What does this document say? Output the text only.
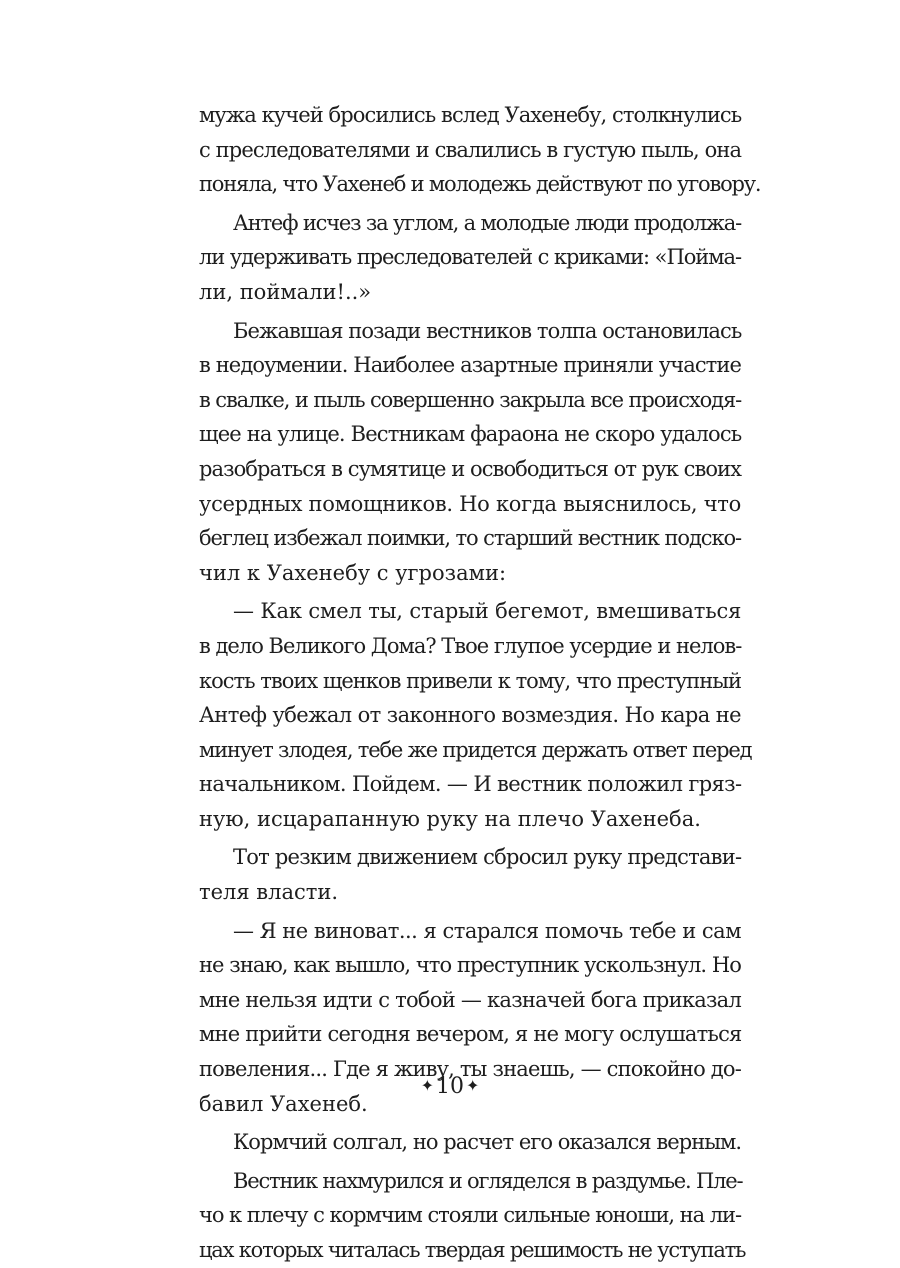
мужа кучей бросились вслед Уахенебу, столкнулись
с преследователями и свалились в густую пыль, она
поняла, что Уахенеб и молодежь действуют по уговору.
Антеф исчез за углом, а молодые люди продолжа-
ли удерживать преследователей с криками: «Пойма-
ли, поймали!..»
Бежавшая позади вестников толпа остановилась
в недоумении. Наиболее азартные приняли участие
в свалке, и пыль совершенно закрыла все происходя-
щее на улице. Вестникам фараона не скоро удалось
разобраться в сумятице и освободиться от рук своих
усердных помощников. Но когда выяснилось, что
беглец избежал поимки, то старший вестник подско-
чил к Уахенебу с угрозами:
— Как смел ты, старый бегемот, вмешиваться
в дело Великого Дома? Твое глупое усердие и нелов-
кость твоих щенков привели к тому, что преступный
Антеф убежал от законного возмездия. Но кара не
минует злодея, тебе же придется держать ответ перед
начальником. Пойдем. — И вестник положил гряз-
ную, исцарапанную руку на плечо Уахенеба.
Тот резким движением сбросил руку представи-
теля власти.
— Я не виноват... я старался помочь тебе и сам
не знаю, как вышло, что преступник ускользнул. Но
мне нельзя идти с тобой — казначей бога приказал
мне прийти сегодня вечером, я не могу ослушаться
повеления... Где я живу, ты знаешь, — спокойно до-
бавил Уахенеб.
Кормчий солгал, но расчет его оказался верным.
Вестник нахмурился и огляделся в раздумье. Пле-
чо к плечу с кормчим стояли сильные юноши, на ли-
цах которых читалась твердая решимость не уступать
✦10 ✦
